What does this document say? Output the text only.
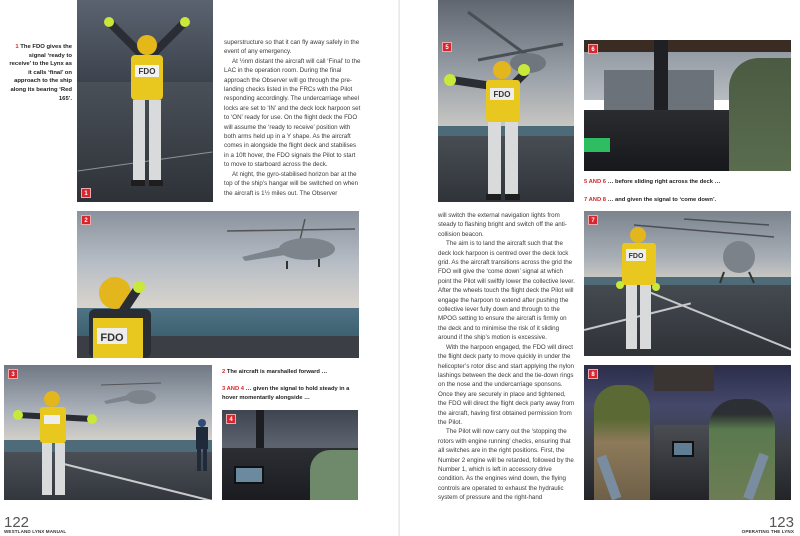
1 The FDO gives the signal ‘ready to receive’ to the Lynx as it calls ‘final’ on approach to the ship along its bearing ‘Red 165’.
FDO
1

superstructure so that it can fly away safely in the event of any emergency.

At ½nm distant the aircraft will call ‘Final’ to the LAC in the operation room. During the final approach the Observer will go through the pre-landing checks listed in the FRCs with the Pilot responding accordingly. The undercarriage wheel locks are set to ‘IN’ and the deck lock harpoon set to ‘ON’ ready for use. On the flight deck the FDO will assume the ‘ready to receive’ position with both arms held up in a Y shape. As the aircraft comes in alongside the flight deck and stabilises in a 10ft hover, the FDO signals the Pilot to start to move to starboard across the deck.

At night, the gyro-stabilised horizon bar at the top of the ship’s hangar will be switched on when the aircraft is 1½ miles out. The Observer

FDO
2
3	2 The aircraft is marshalled forward …
3 AND 4 … given the signal to hold steady in a hover momentarily alongside …
4
122
WESTLAND LYNX MANUAL
FDO
5	6
5 AND 6 … before sliding right across the deck …
7 AND 8 … and given the signal to ‘come down’.

will switch the external navigation lights from steady to flashing bright and switch off the anti-collision beacon.

The aim is to land the aircraft such that the deck lock harpoon is centred over the deck lock grid. As the aircraft transitions across the grid the FDO will give the ‘come down’ signal at which point the Pilot will swiftly lower the collective lever. After the wheels touch the flight deck the Pilot will engage the harpoon to extend after pushing the collective lever fully down and through to the MPOG setting to ensure the aircraft is firmly on the deck and to minimise the risk of it sliding around if the ship’s motion is excessive.

With the harpoon engaged, the FDO will direct the flight deck party to move quickly in under the helicopter’s rotor disc and start applying the nylon lashings between the deck and the tie-down rings on the nose and the undercarriage sponsons. Once they are securely in place and tightened, the FDO will direct the flight deck party away from the aircraft, having first obtained permission from the Pilot.

The Pilot will now carry out the ‘stopping the rotors with engine running’ checks, ensuring that all switches are in the right positions. First, the Number 2 engine will be retarded, followed by the Number 1, which is left in accessory drive condition. As the engines wind down, the flying controls are operated to exhaust the hydraulic system of pressure and the right-hand

FDO
7
8
123
OPERATING THE LYNX
